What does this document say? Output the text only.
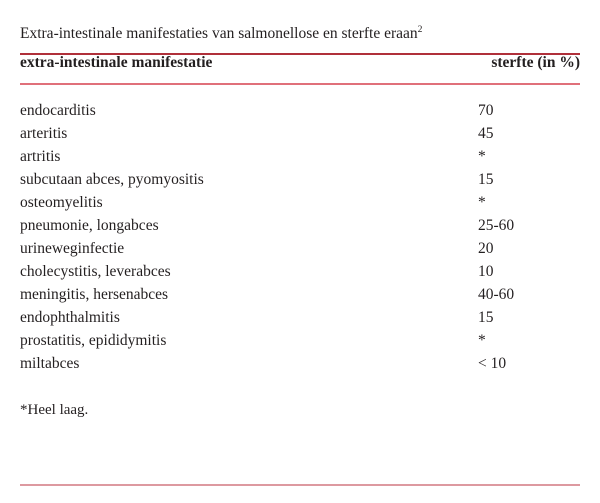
Extra-intestinale manifestaties van salmonellose en sterfte eraan$^2$
extra-intestinale manifestatie	sterfte (in %)
endocarditis	70
arteritis	45
artritis	*
subcutaan abces, pyomyositis	15
osteomyelitis	*
pneumonie, longabces	25-60
urineweginfectie	20
cholecystitis, leverabces	10
meningitis, hersenabces	40-60
endophthalmitis	15
prostatitis, epididymitis	*
miltabces	< 10
*Heel laag.
